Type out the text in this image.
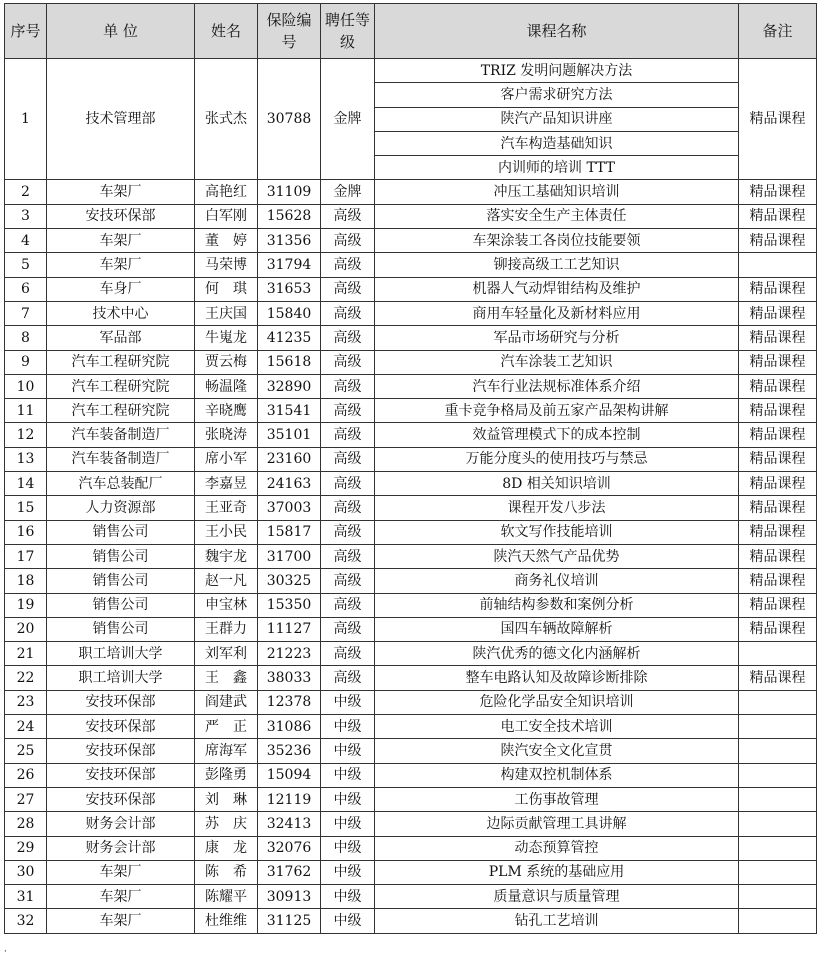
序号	单 位	姓名	保险编号	聘任等级	课程名称	备注
1	技术管理部	张式杰	30788	金牌	TRIZ 发明问题解决方法	精品课程
					客户需求研究方法	
					陕汽产品知识讲座	
					汽车构造基础知识	
					内训师的培训 TTT	
2	车架厂	高艳红	31109	金牌	冲压工基础知识培训	精品课程
3	安技环保部	白军刚	15628	高级	落实安全生产主体责任	精品课程
4	车架厂	董　婷	31356	高级	车架涂装工各岗位技能要领	精品课程
5	车架厂	马荣博	31794	高级	铆接高级工工艺知识	
6	车身厂	何　琪	31653	高级	机器人气动焊钳结构及维护	精品课程
7	技术中心	王庆国	15840	高级	商用车轻量化及新材料应用	精品课程
8	军品部	牛嵬龙	41235	高级	军品市场研究与分析	精品课程
9	汽车工程研究院	贾云梅	15618	高级	汽车涂装工艺知识	精品课程
10	汽车工程研究院	畅温隆	32890	高级	汽车行业法规标准体系介绍	精品课程
11	汽车工程研究院	辛晓鹰	31541	高级	重卡竞争格局及前五家产品架构讲解	精品课程
12	汽车装备制造厂	张晓涛	35101	高级	效益管理模式下的成本控制	精品课程
13	汽车装备制造厂	席小军	23160	高级	万能分度头的使用技巧与禁忌	精品课程
14	汽车总装配厂	李嘉昱	24163	高级	8D 相关知识培训	精品课程
15	人力资源部	王亚奇	37003	高级	课程开发八步法	精品课程
16	销售公司	王小民	15817	高级	软文写作技能培训	精品课程
17	销售公司	魏宇龙	31700	高级	陕汽天然气产品优势	精品课程
18	销售公司	赵一凡	30325	高级	商务礼仪培训	精品课程
19	销售公司	申宝林	15350	高级	前轴结构参数和案例分析	精品课程
20	销售公司	王群力	11127	高级	国四车辆故障解析	精品课程
21	职工培训大学	刘军利	21223	高级	陕汽优秀的德文化内涵解析	
22	职工培训大学	王　鑫	38033	高级	整车电路认知及故障诊断排除	精品课程
23	安技环保部	阎建武	12378	中级	危险化学品安全知识培训	
24	安技环保部	严　正	31086	中级	电工安全技术培训	
25	安技环保部	席海军	35236	中级	陕汽安全文化宣贯	
26	安技环保部	彭隆勇	15094	中级	构建双控机制体系	
27	安技环保部	刘　琳	12119	中级	工伤事故管理	
28	财务会计部	苏　庆	32413	中级	边际贡献管理工具讲解	
29	财务会计部	康　龙	32076	中级	动态预算管控	
30	车架厂	陈　希	31762	中级	PLM 系统的基础应用	
31	车架厂	陈耀平	30913	中级	质量意识与质量管理	
32	车架厂	杜维维	31125	中级	钻孔工艺培训	
·
